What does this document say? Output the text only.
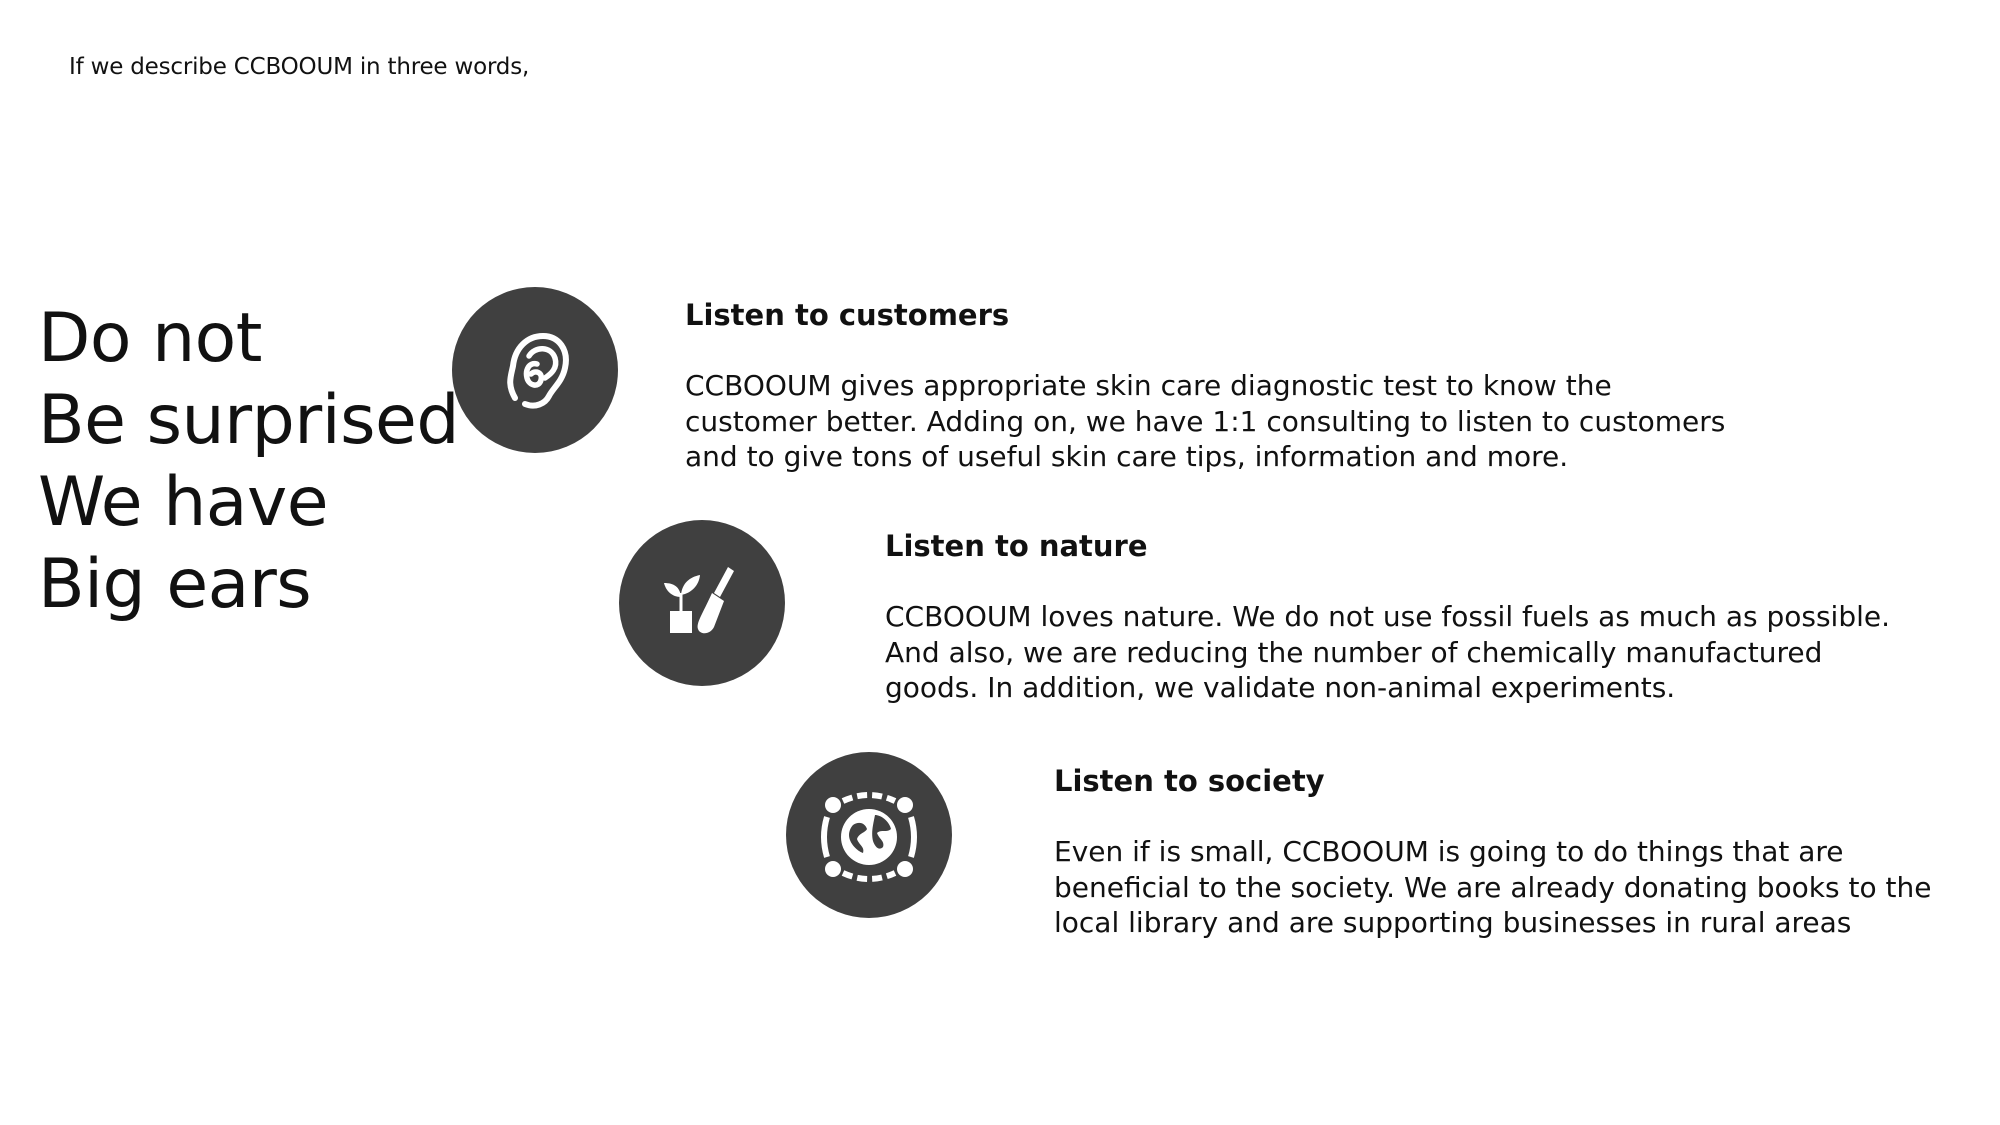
If we describe CCBOOUM in three words,
Do not
Be surprised
We have
Big ears
Listen to customers
CCBOOUM gives appropriate skin care diagnostic test to know the
customer better. Adding on, we have 1:1 consulting to listen to customers
and to give tons of useful skin care tips, information and more.
Listen to nature
CCBOOUM loves nature. We do not use fossil fuels as much as possible.
And also, we are reducing the number of chemically manufactured
goods. In addition, we validate non-animal experiments.
Listen to society
Even if is small, CCBOOUM is going to do things that are
beneficial to the society. We are already donating books to the
local library and are supporting businesses in rural areas
